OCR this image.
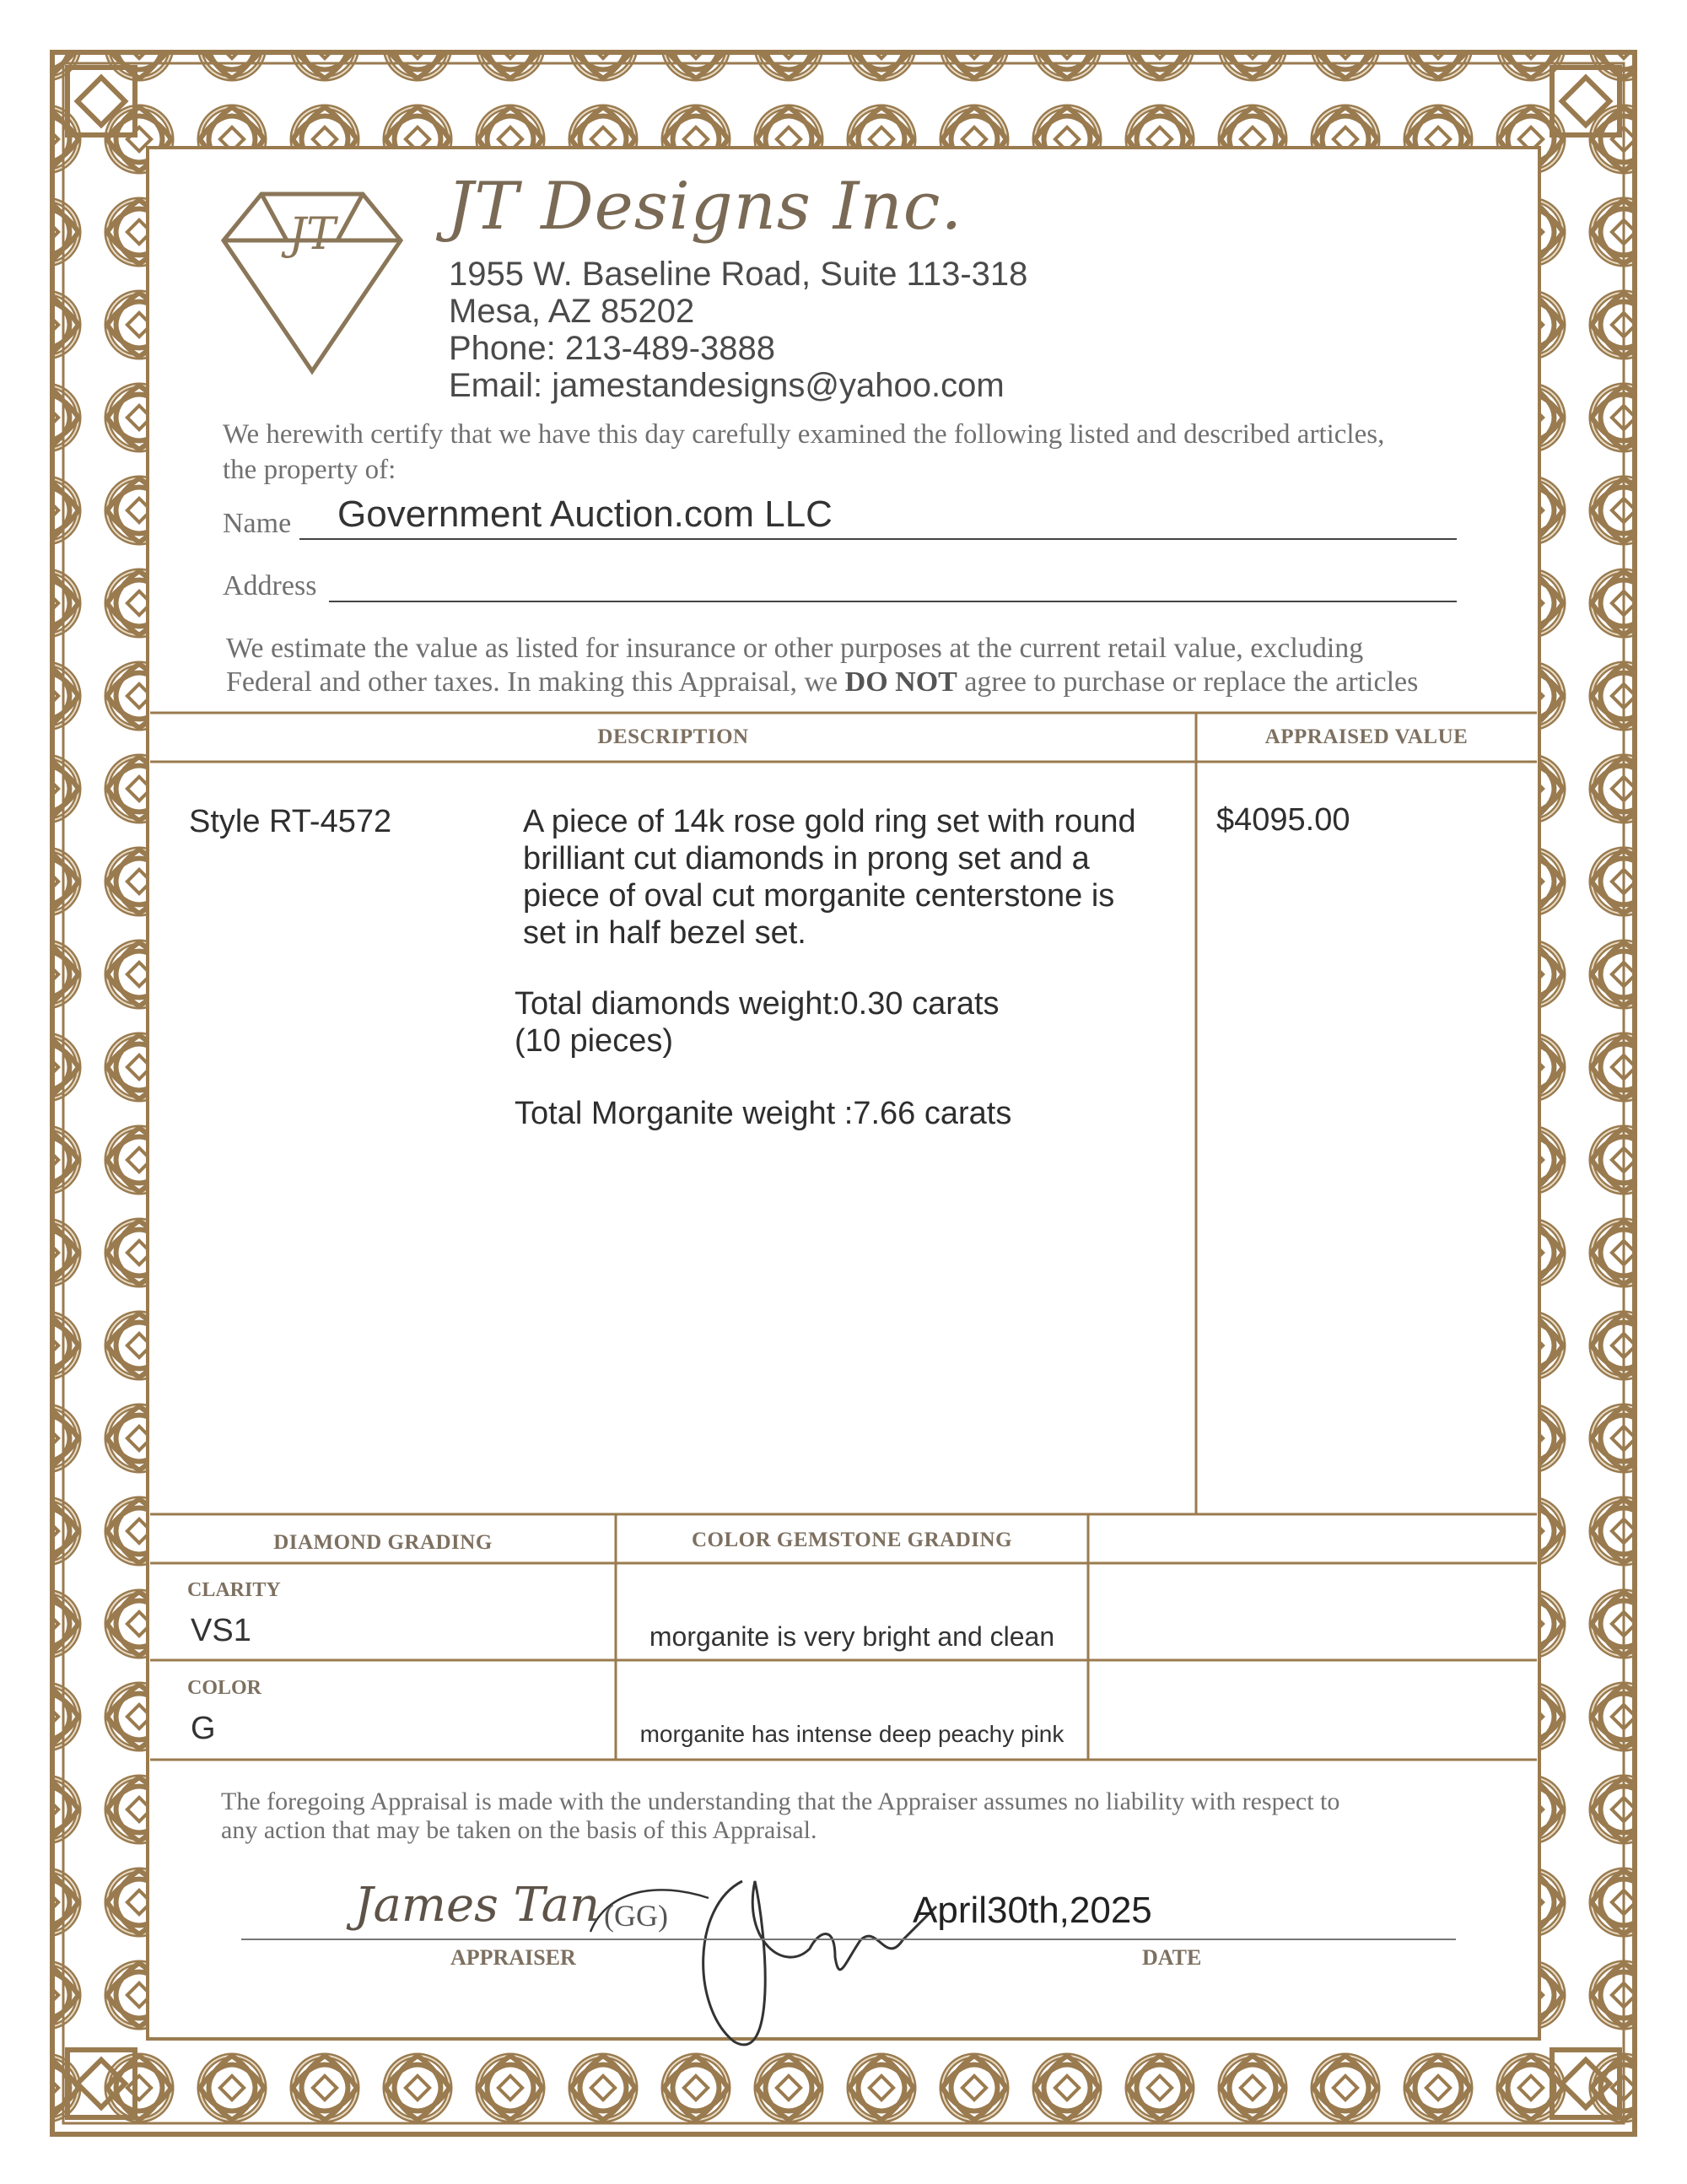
JT JT Designs Inc.
1955 W. Baseline Road, Suite 113-318
Mesa, AZ 85202
Phone: 213-489-3888
Email: jamestandesigns@yahoo.com
We herewith certify that we have this day carefully examined the following listed and described articles,
the property of:
Name Government Auction.com LLC
Address
We estimate the value as listed for insurance or other purposes at the current retail value, excluding
Federal and other taxes. In making this Appraisal, we DO NOT agree to purchase or replace the articles
DESCRIPTION	APPRAISED VALUE
Style RT-4572	A piece of 14k rose gold ring set with round
brilliant cut diamonds in prong set and a
piece of oval cut morganite centerstone is
set in half bezel set.
Total diamonds weight:0.30 carats
(10 pieces)
Total Morganite weight :7.66 carats
$4095.00
DIAMOND GRADING	COLOR GEMSTONE GRADING
CLARITY
VS1	morganite is very bright and clean
COLOR
G	morganite has intense deep peachy pink
The foregoing Appraisal is made with the understanding that the Appraiser assumes no liability with respect to
any action that may be taken on the basis of this Appraisal.
James Tan (GG)
APPRAISER
April30th,2025
DATE
